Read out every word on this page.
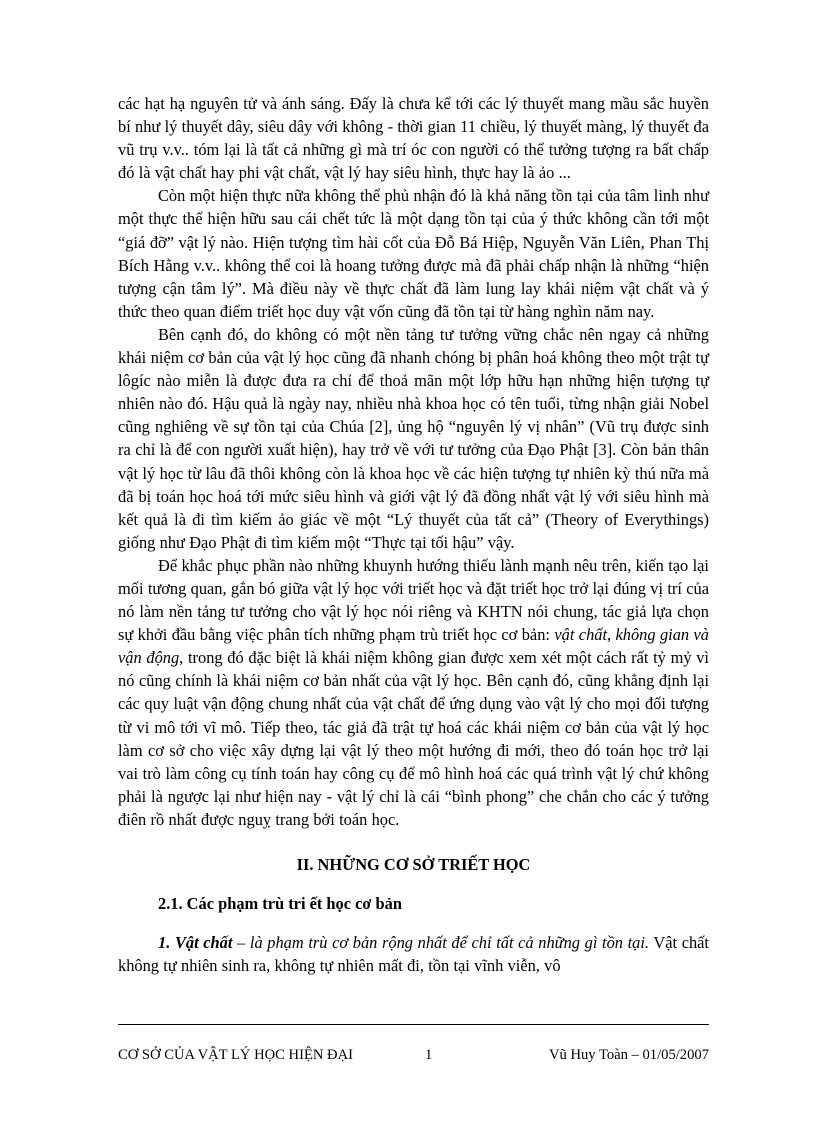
các hạt hạ nguyên tử và ánh sáng. Đấy là chưa kể tới các lý thuyết mang mầu sắc huyền bí như lý thuyết dây, siêu dây với không - thời gian 11 chiều, lý thuyết màng, lý thuyết đa vũ trụ v.v.. tóm lại là tất cả những gì mà trí óc con người có thể tưởng tượng ra bất chấp đó là vật chất hay phi vật chất, vật lý hay siêu hình, thực hay là ảo ...

Còn một hiện thực nữa không thể phủ nhận đó là khả năng tồn tại của tâm linh như một thực thể hiện hữu sau cái chết tức là một dạng tồn tại của ý thức không cần tới một “giá đỡ” vật lý nào. Hiện tượng tìm hài cốt của Đỗ Bá Hiệp, Nguyễn Văn Liên, Phan Thị Bích Hằng v.v.. không thể coi là hoang tưởng được mà đã phải chấp nhận là những “hiện tượng cận tâm lý”. Mà điều này về thực chất đã làm lung lay khái niệm vật chất và ý thức theo quan điểm triết học duy vật vốn cũng đã tồn tại từ hàng nghìn năm nay.

Bên cạnh đó, do không có một nền tảng tư tưởng vững chắc nên ngay cả những khái niệm cơ bản của vật lý học cũng đã nhanh chóng bị phân hoá không theo một trật tự lôgíc nào miễn là được đưa ra chỉ để thoả mãn một lớp hữu hạn những hiện tượng tự nhiên nào đó. Hậu quả là ngày nay, nhiều nhà khoa học có tên tuổi, từng nhận giải Nobel cũng nghiêng về sự tồn tại của Chúa [2], ủng hộ “nguyên lý vị nhân” (Vũ trụ được sinh ra chỉ là để con người xuất hiện), hay trở về với tư tưởng của Đạo Phật [3]. Còn bản thân vật lý học từ lâu đã thôi không còn là khoa học về các hiện tượng tự nhiên kỳ thú nữa mà đã bị toán học hoá tới mức siêu hình và giới vật lý đã đồng nhất vật lý với siêu hình mà kết quả là đi tìm kiếm ảo giác về một “Lý thuyết của tất cả” (Theory of Everythings) giống như Đạo Phật đi tìm kiếm một “Thực tại tối hậu” vậy.

Để khắc phục phần nào những khuynh hướng thiếu lành mạnh nêu trên, kiến tạo lại mối tương quan, gắn bó giữa vật lý học với triết học và đặt triết học trở lại đúng vị trí của nó làm nền tảng tư tưởng cho vật lý học nói riêng và KHTN nói chung, tác giả lựa chọn sự khởi đầu bằng việc phân tích những phạm trù triết học cơ bản: vật chất, không gian và vận động, trong đó đặc biệt là khái niệm không gian được xem xét một cách rất tỷ mỷ vì nó cũng chính là khái niệm cơ bản nhất của vật lý học. Bên cạnh đó, cũng khẳng định lại các quy luật vận động chung nhất của vật chất để ứng dụng vào vật lý cho mọi đối tượng từ vi mô tới vĩ mô. Tiếp theo, tác giả đã trật tự hoá các khái niệm cơ bản của vật lý học làm cơ sở cho việc xây dựng lại vật lý theo một hướng đi mới, theo đó toán học trở lại vai trò làm công cụ tính toán hay công cụ để mô hình hoá các quá trình vật lý chứ không phải là ngược lại như hiện nay - vật lý chỉ là cái “bình phong” che chắn cho các ý tưởng điên rồ nhất được nguỵ trang bởi toán học.

II. NHỮNG CƠ SỞ TRIẾT HỌC
2.1. Các phạm trù tri ết học cơ bản

1. Vật chất – là phạm trù cơ bản rộng nhất để chỉ tất cả những gì tồn tại. Vật chất không tự nhiên sinh ra, không tự nhiên mất đi, tồn tại vĩnh viễn, vô

CƠ SỞ CỦA VẬT LÝ HỌC HIỆN ĐẠI	1	Vũ Huy Toàn – 01/05/2007
